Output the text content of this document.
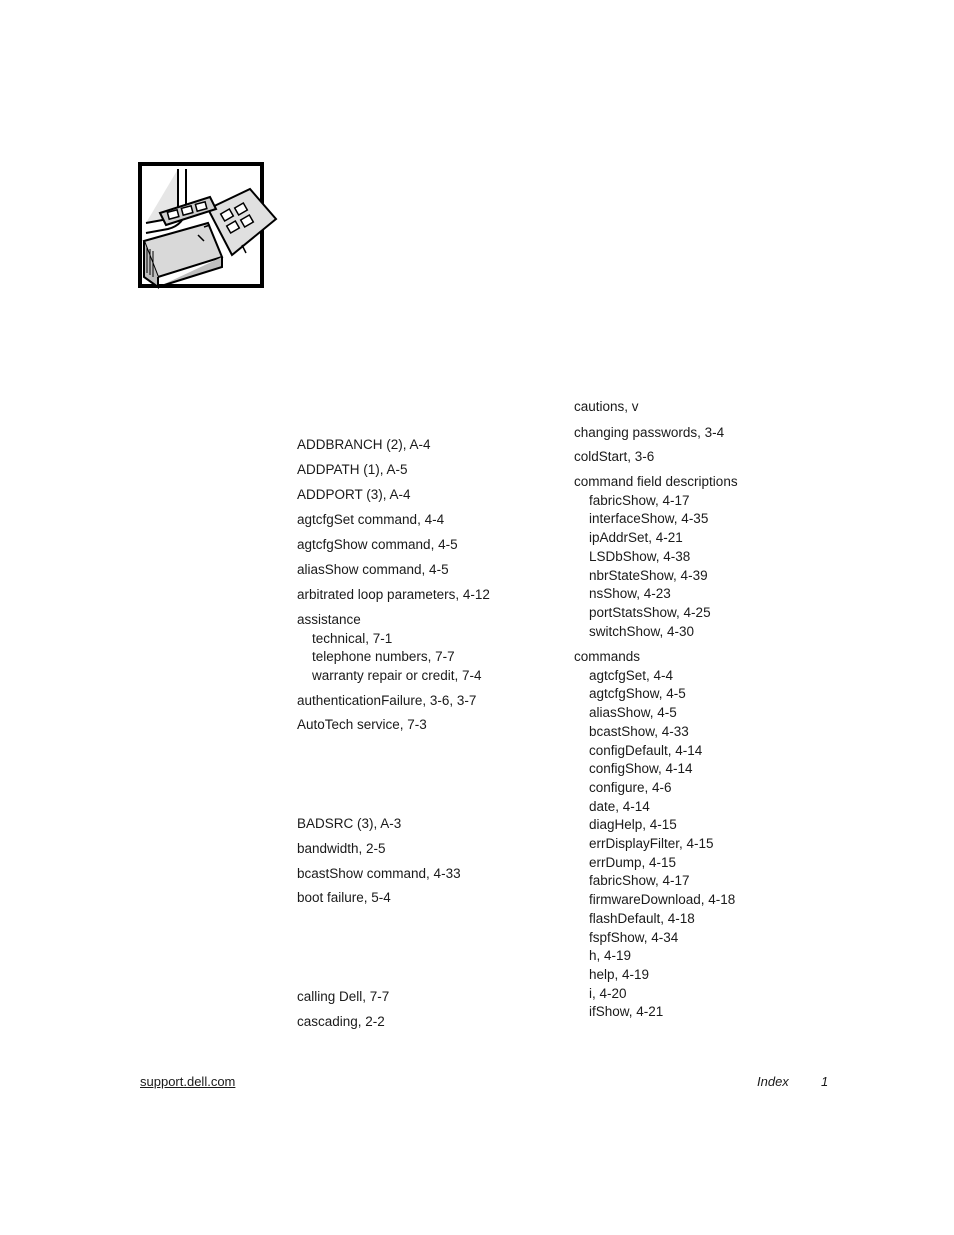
ADDBRANCH (2), A-4
ADDPATH (1), A-5
ADDPORT (3), A-4
agtcfgSet command, 4-4
agtcfgShow command, 4-5
aliasShow command, 4-5
arbitrated loop parameters, 4-12
assistance
technical, 7-1
telephone numbers, 7-7
warranty repair or credit, 7-4
authenticationFailure, 3-6, 3-7
AutoTech service, 7-3
BADSRC (3), A-3
bandwidth, 2-5
bcastShow command, 4-33
boot failure, 5-4
calling Dell, 7-7
cascading, 2-2
cautions, v
changing passwords, 3-4
coldStart, 3-6
command field descriptions
fabricShow, 4-17
interfaceShow, 4-35
ipAddrSet, 4-21
LSDbShow, 4-38
nbrStateShow, 4-39
nsShow, 4-23
portStatsShow, 4-25
switchShow, 4-30
commands
agtcfgSet, 4-4
agtcfgShow, 4-5
aliasShow, 4-5
bcastShow, 4-33
configDefault, 4-14
configShow, 4-14
configure, 4-6
date, 4-14
diagHelp, 4-15
errDisplayFilter, 4-15
errDump, 4-15
fabricShow, 4-17
firmwareDownload, 4-18
flashDefault, 4-18
fspfShow, 4-34
h, 4-19
help, 4-19
i, 4-20
ifShow, 4-21
support.dell.com	Index 1
